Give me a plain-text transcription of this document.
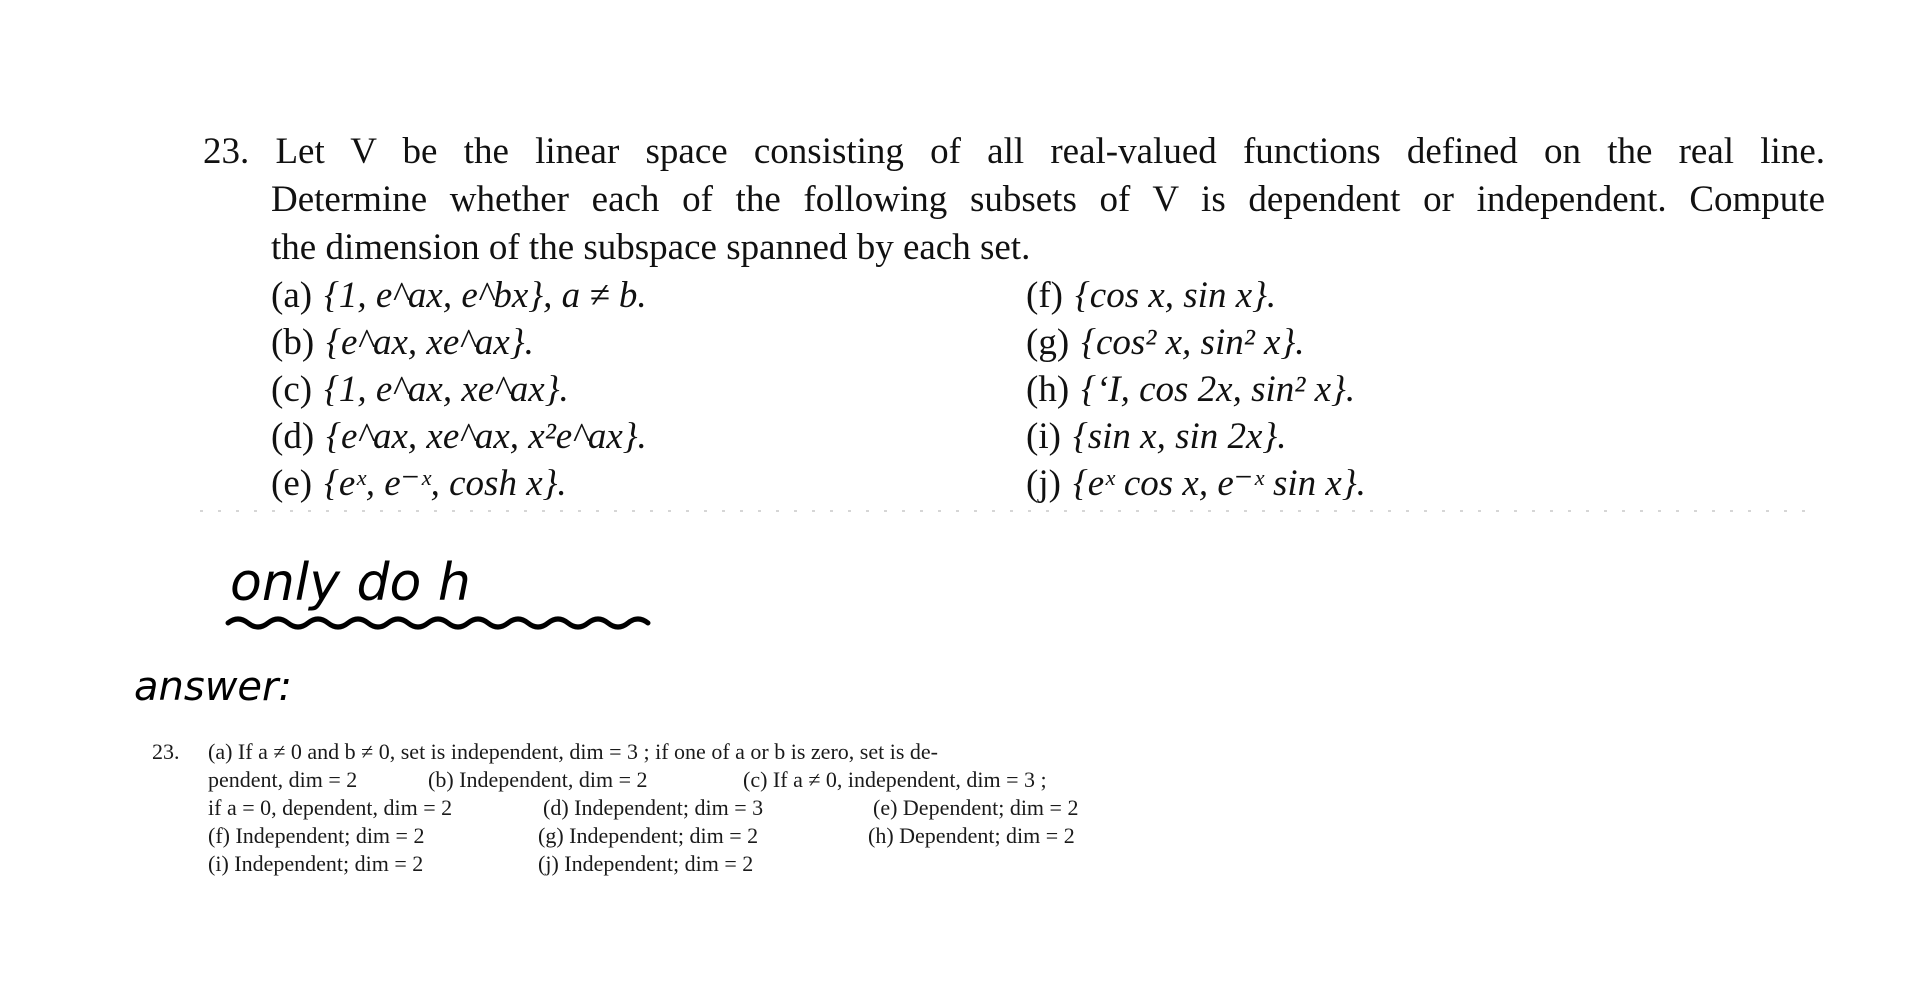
23. Let V be the linear space consisting of all real-valued functions defined on the real line.
Determine whether each of the following subsets of V is dependent or independent. Compute
the dimension of the subspace spanned by each set.
(a) {1, e^ax, e^bx}, a ≠ b.	(f) {cos x, sin x}.
(b) {e^ax, xe^ax}.	(g) {cos² x, sin² x}.
(c) {1, e^ax, xe^ax}.	(h) {‘I, cos 2x, sin² x}.
(d) {e^ax, xe^ax, x²e^ax}.	(i) {sin x, sin 2x}.
(e) {eˣ, e⁻ˣ, cosh x}.	(j) {eˣ cos x, e⁻ˣ sin x}.
only do h
answer:
23. (a) If a ≠ 0 and b ≠ 0, set is independent, dim = 3 ; if one of a or b is zero, set is de-
pendent, dim = 2	(b) Independent, dim = 2	(c) If a ≠ 0, independent, dim = 3 ;
if a = 0, dependent, dim = 2	(d) Independent; dim = 3	(e) Dependent; dim = 2
(f) Independent; dim = 2	(g) Independent; dim = 2	(h) Dependent; dim = 2
(i) Independent; dim = 2	(j) Independent; dim = 2
